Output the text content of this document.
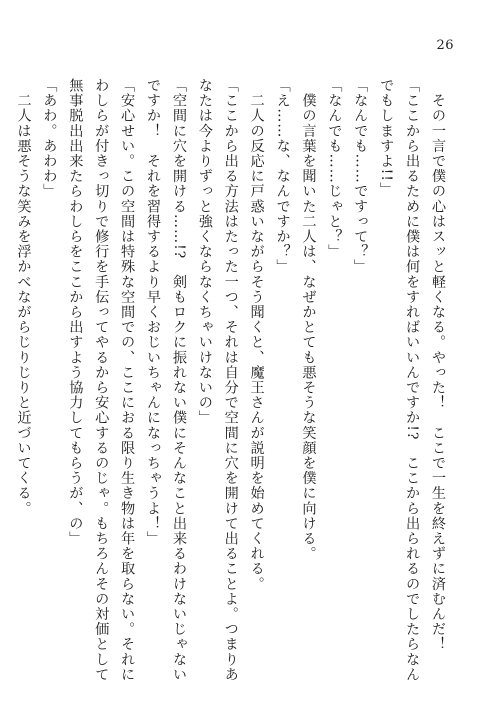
26
　その一言で僕の心はスッと軽くなる。やった！　ここで一生を終えずに済むんだ！
「ここから出るために僕は何をすればいいんですか!?　ここから出られるのでしたらなん
でもしますよ!!」
「なんでも……ですって？」
「なんでも……じゃと？」
　僕の言葉を聞いた二人は、なぜかとても悪そうな笑顔を僕に向ける。
「え……な、なんですか？」
　二人の反応に戸惑いながらそう聞くと、魔王さんが説明を始めてくれる。
「ここから出る方法はたった一つ、それは自分で空間に穴を開けて出ることよ。つまりあ
なたは今よりずっと強くならなくちゃいけないの」
「空間に穴を開ける……!?　剣もロクに振れない僕にそんなこと出来るわけないじゃない
ですか！　それを習得するより早くおじいちゃんになっちゃうよ！」
「安心せい。この空間は特殊な空間での、ここにおる限り生き物は年を取らない。それに
わしらが付きっ切りで修行を手伝ってやるから安心するのじゃ。もちろんその対価として
無事脱出出来たらわしらをここから出すよう協力してもらうが、の」
「あわ。あわわ」
　二人は悪そうな笑みを浮かべながらじりじりと近づいてくる。
